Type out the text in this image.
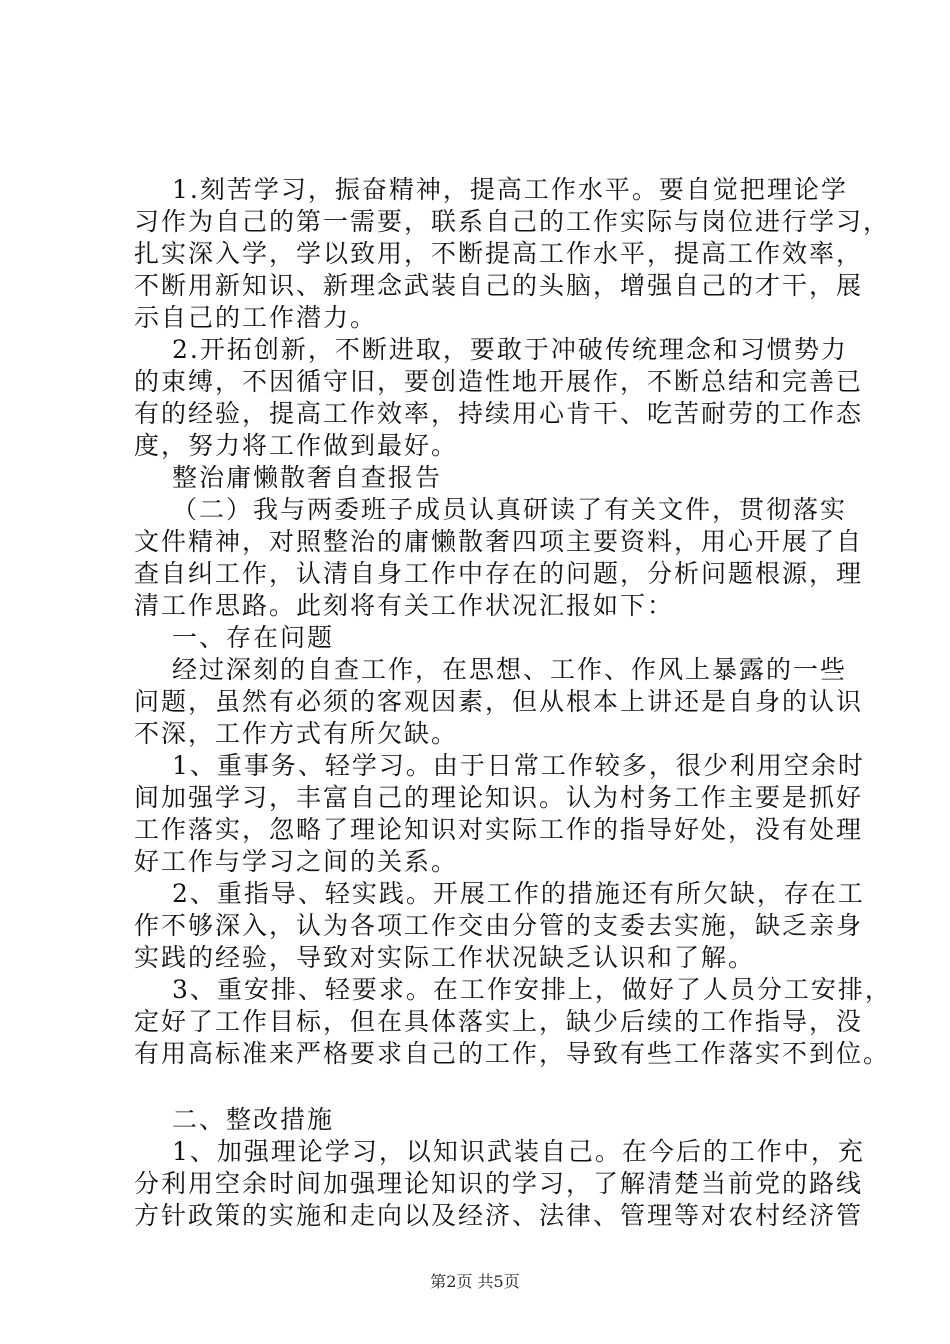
1.刻苦学习，振奋精神，提高工作水平。要自觉把理论学
习作为自己的第一需要，联系自己的工作实际与岗位进行学习，
扎实深入学，学以致用，不断提高工作水平，提高工作效率，
不断用新知识、新理念武装自己的头脑，增强自己的才干，展
示自己的工作潜力。
2.开拓创新，不断进取，要敢于冲破传统理念和习惯势力
的束缚，不因循守旧，要创造性地开展作，不断总结和完善已
有的经验，提高工作效率，持续用心肯干、吃苦耐劳的工作态
度，努力将工作做到最好。
整治庸懒散奢自查报告
（二）我与两委班子成员认真研读了有关文件，贯彻落实
文件精神，对照整治的庸懒散奢四项主要资料，用心开展了自
查自纠工作，认清自身工作中存在的问题，分析问题根源，理
清工作思路。此刻将有关工作状况汇报如下：
一、存在问题
经过深刻的自查工作，在思想、工作、作风上暴露的一些
问题，虽然有必须的客观因素，但从根本上讲还是自身的认识
不深，工作方式有所欠缺。
1、重事务、轻学习。由于日常工作较多，很少利用空余时
间加强学习，丰富自己的理论知识。认为村务工作主要是抓好
工作落实，忽略了理论知识对实际工作的指导好处，没有处理
好工作与学习之间的关系。
2、重指导、轻实践。开展工作的措施还有所欠缺，存在工
作不够深入，认为各项工作交由分管的支委去实施，缺乏亲身
实践的经验，导致对实际工作状况缺乏认识和了解。
3、重安排、轻要求。在工作安排上，做好了人员分工安排，
定好了工作目标，但在具体落实上，缺少后续的工作指导，没
有用高标准来严格要求自己的工作，导致有些工作落实不到位。
二、整改措施
1、加强理论学习，以知识武装自己。在今后的工作中，充
分利用空余时间加强理论知识的学习，了解清楚当前党的路线
方针政策的实施和走向以及经济、法律、管理等对农村经济管
第2页 共5页
